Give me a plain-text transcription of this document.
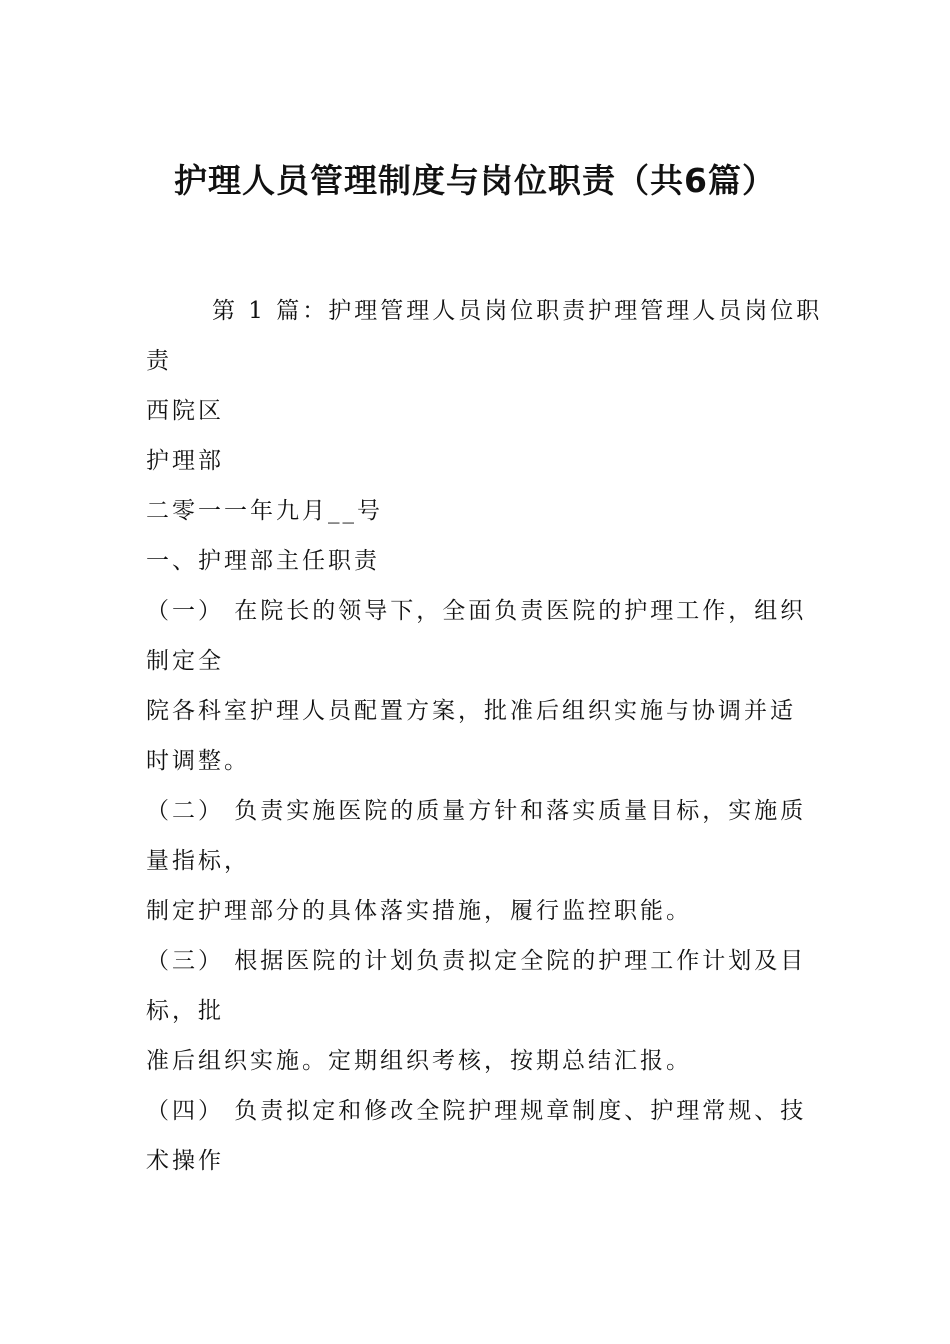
护理人员管理制度与岗位职责（共6篇）
第 1 篇：护理管理人员岗位职责护理管理人员岗位职
责
西院区
护理部
二零一一年九月__号
一、护理部主任职责
（一） 在院长的领导下，全面负责医院的护理工作，组织
制定全
院各科室护理人员配置方案，批准后组织实施与协调并适
时调整。
（二） 负责实施医院的质量方针和落实质量目标，实施质
量指标，
制定护理部分的具体落实措施，履行监控职能。
（三） 根据医院的计划负责拟定全院的护理工作计划及目
标，批
准后组织实施。定期组织考核，按期总结汇报。
（四） 负责拟定和修改全院护理规章制度、护理常规、技
术操作
